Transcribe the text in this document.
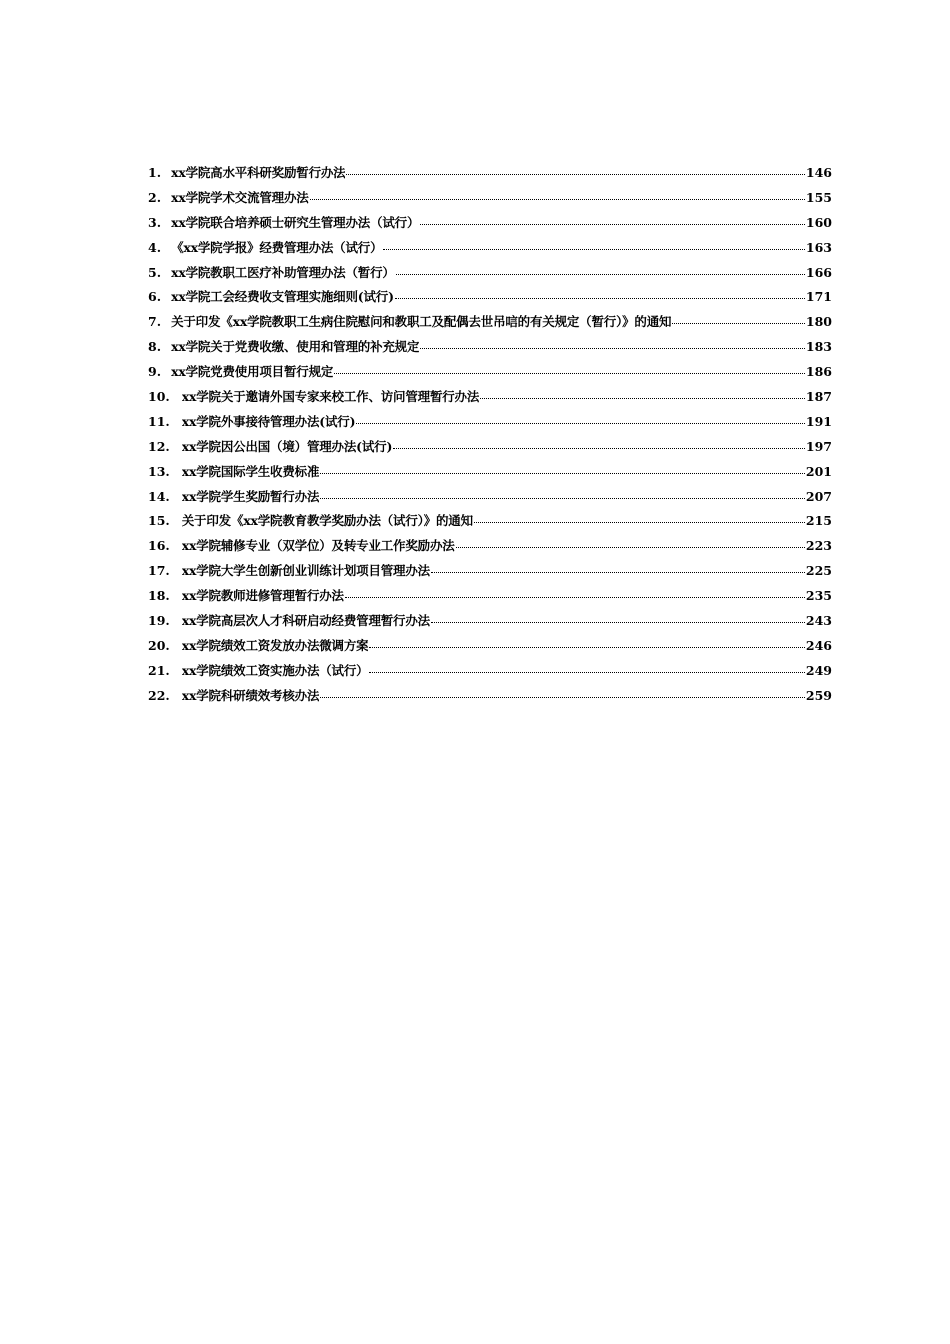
1. xx学院高水平科研奖励暂行办法	146
2. xx学院学术交流管理办法	155
3. xx学院联合培养硕士研究生管理办法（试行）	160
4. 《xx学院学报》经费管理办法（试行）	163
5. xx学院教职工医疗补助管理办法（暂行）	166
6. xx学院工会经费收支管理实施细则(试行)	171
7. 关于印发《xx学院教职工生病住院慰问和教职工及配偶去世吊唁的有关规定（暂行）》的通知	180
8. xx学院关于党费收缴、使用和管理的补充规定	183
9. xx学院党费使用项目暂行规定	186
10. xx学院关于邀请外国专家来校工作、访问管理暂行办法	187
11. xx学院外事接待管理办法(试行)	191
12. xx学院因公出国（境）管理办法(试行)	197
13. xx学院国际学生收费标准	201
14. xx学院学生奖励暂行办法	207
15. 关于印发《xx学院教育教学奖励办法（试行）》的通知	215
16. xx学院辅修专业（双学位）及转专业工作奖励办法	223
17. xx学院大学生创新创业训练计划项目管理办法	225
18. xx学院教师进修管理暂行办法	235
19. xx学院高层次人才科研启动经费管理暂行办法	243
20. xx学院绩效工资发放办法微调方案	246
21. xx学院绩效工资实施办法（试行）	249
22. xx学院科研绩效考核办法	259
